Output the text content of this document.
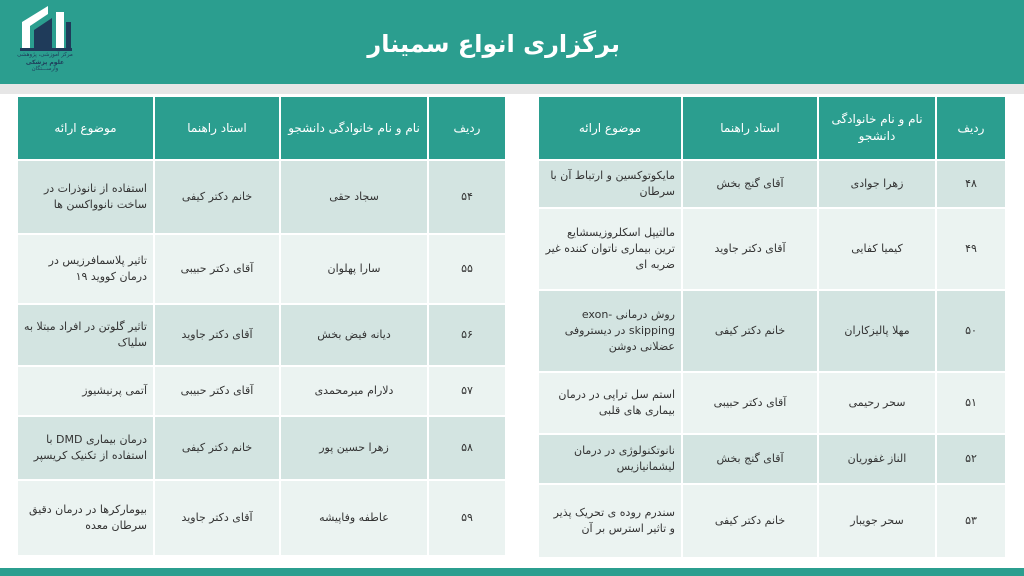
مرکز آموزشی، پژوهشی
علوم پزشکی
وارســـتگان
برگزاری انواع سمینار
ردیف	نام و نام خانوادگی دانشجو	استاد راهنما	موضوع ارائه
۴۸	زهرا جوادی	آقای گنج بخش	مایکوتوکسین و ارتباط آن با سرطان
۴۹	کیمیا کفایی	آقای دکتر جاوید	مالتیپل اسکلروزیسشایع ترین بیماری ناتوان کننده غیر ضربه ای
۵۰	مهلا پالیزکاران	خانم دکتر کیفی	روش درمانی exon-skipping در دیستروفی عضلانی دوشن
۵۱	سحر رحیمی	آقای دکتر حبیبی	استم سل تراپی در درمان بیماری های قلبی
۵۲	الناز غفوریان	آقای گنج بخش	نانوتکنولوژی در درمان لیشمانیازیس
۵۳	سحر جویبار	خانم دکتر کیفی	سندرم روده ی تحریک پذیر و تاثیر استرس بر آن
ردیف	نام و نام خانوادگی دانشجو	استاد راهنما	موضوع ارائه
۵۴	سجاد حقی	خانم دکتر کیفی	استفاده از نانوذرات در ساخت نانوواکسن ها
۵۵	سارا پهلوان	آقای دکتر حبیبی	تاثیر پلاسمافرزیس در درمان کووید ۱۹
۵۶	دیانه فیض بخش	آقای دکتر جاوید	تاثیر گلوتن در افراد مبتلا به سلیاک
۵۷	دلارام میرمحمدی	آقای دکتر حبیبی	آتمی پرنیشیوز
۵۸	زهرا حسین پور	خانم دکتر کیفی	درمان بیماری DMD با استفاده از تکنیک کریسپر
۵۹	عاطفه وفاپیشه	آقای دکتر جاوید	بیومارکرها در درمان دقیق سرطان معده
